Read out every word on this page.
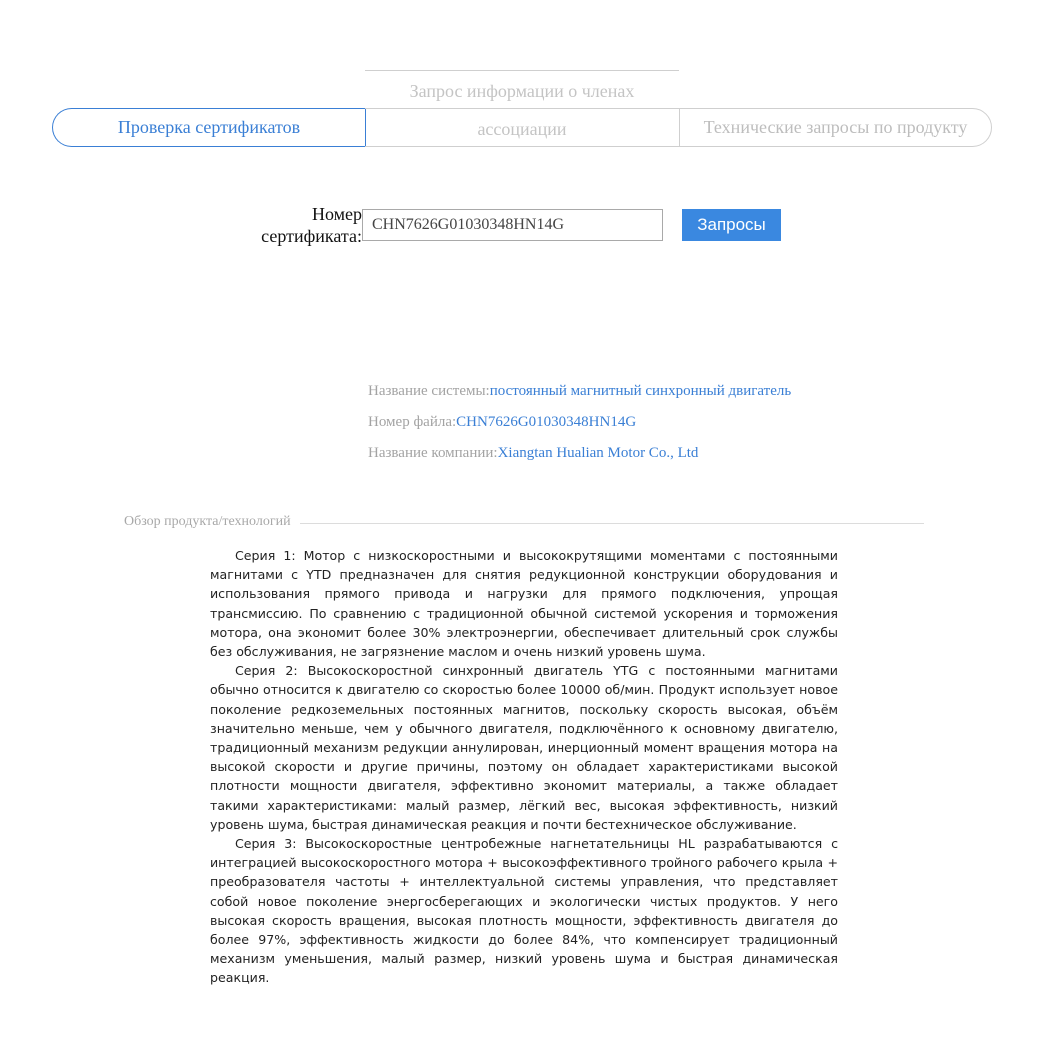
Проверка сертификатов
Запрос информации о членах
ассоциации	Технические запросы по продукту
Номер
сертификата:
CHN7626G01030348HN14G
Запросы
Название системы:постоянный магнитный синхронный двигатель
Номер файла:CHN7626G01030348HN14G
Название компании:Xiangtan Hualian Motor Co., Ltd
Обзор продукта/технологий

Серия 1: Мотор с низкоскоростными и высококрутящими моментами с постоянными магнитами с YTD предназначен для снятия редукционной конструкции оборудования и использования прямого привода и нагрузки для прямого подключения, упрощая трансмиссию. По сравнению с традиционной обычной системой ускорения и торможения мотора, она экономит более 30% электроэнергии, обеспечивает длительный срок службы без обслуживания, не загрязнение маслом и очень низкий уровень шума.

Серия 2: Высокоскоростной синхронный двигатель YTG с постоянными магнитами обычно относится к двигателю со скоростью более 10000 об/мин. Продукт использует новое поколение редкоземельных постоянных магнитов, поскольку скорость высокая, объём значительно меньше, чем у обычного двигателя, подключённого к основному двигателю, традиционный механизм редукции аннулирован, инерционный момент вращения мотора на высокой скорости и другие причины, поэтому он обладает характеристиками высокой плотности мощности двигателя, эффективно экономит материалы, а также обладает такими характеристиками: малый размер, лёгкий вес, высокая эффективность, низкий уровень шума, быстрая динамическая реакция и почти бестехническое обслуживание.

Серия 3: Высокоскоростные центробежные нагнетательницы HL разрабатываются с интеграцией высокоскоростного мотора + высокоэффективного тройного рабочего крыла + преобразователя частоты + интеллектуальной системы управления, что представляет собой новое поколение энергосберегающих и экологически чистых продуктов. У него высокая скорость вращения, высокая плотность мощности, эффективность двигателя до более 97%, эффективность жидкости до более 84%, что компенсирует традиционный механизм уменьшения, малый размер, низкий уровень шума и быстрая динамическая реакция.
